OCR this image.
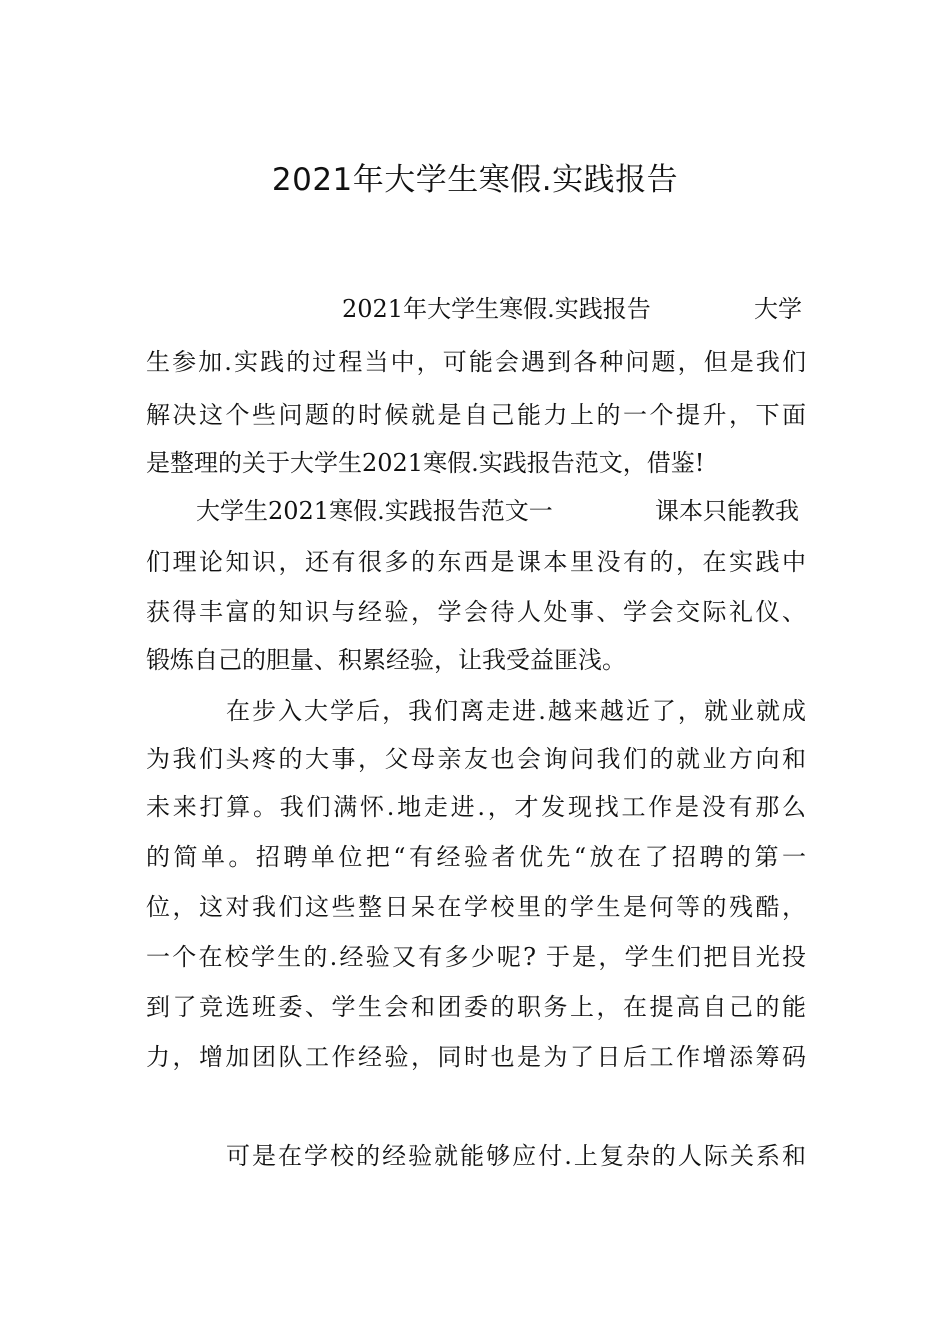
2021年大学生寒假.实践报告
2021年大学生寒假.实践报告	大学
生参加.实践的过程当中，可能会遇到各种问题，但是我们
解决这个些问题的时候就是自己能力上的一个提升，下面
是整理的关于大学生2021寒假.实践报告范文，借鉴!
大学生2021寒假.实践报告范文一	课本只能教我
们理论知识，还有很多的东西是课本里没有的，在实践中
获得丰富的知识与经验，学会待人处事、学会交际礼仪、
锻炼自己的胆量、积累经验，让我受益匪浅。
在步入大学后，我们离走进.越来越近了，就业就成
为我们头疼的大事，父母亲友也会询问我们的就业方向和
未来打算。我们满怀.地走进.，才发现找工作是没有那么
的简单。招聘单位把“有经验者优先“放在了招聘的第一
位，这对我们这些整日呆在学校里的学生是何等的残酷，
一个在校学生的.经验又有多少呢? 于是，学生们把目光投
到了竞选班委、学生会和团委的职务上，在提高自己的能
力，增加团队工作经验，同时也是为了日后工作增添筹码
可是在学校的经验就能够应付.上复杂的人际关系和
